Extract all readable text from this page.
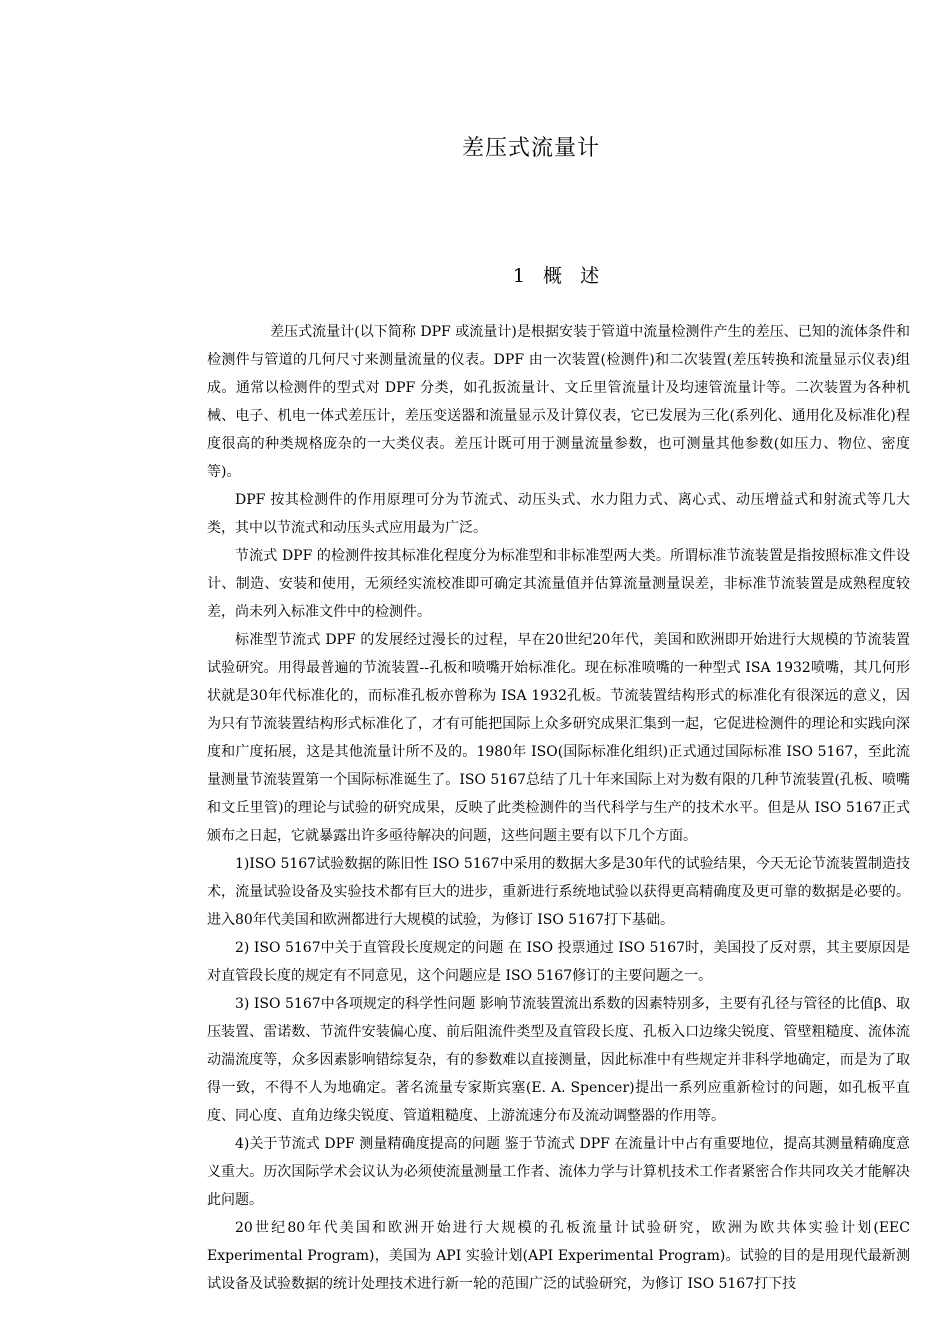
差压式流量计
1 概 述

差压式流量计(以下简称 DPF 或流量计)是根据安装于管道中流量检测件产生的差压、已知的流体条件和检测件与管道的几何尺寸来测量流量的仪表。DPF 由一次装置(检测件)和二次装置(差压转换和流量显示仪表)组成。通常以检测件的型式对 DPF 分类，如孔扳流量计、文丘里管流量计及均速管流量计等。二次装置为各种机械、电子、机电一体式差压计，差压变送器和流量显示及计算仪表，它已发展为三化(系列化、通用化及标准化)程度很高的种类规格庞杂的一大类仪表。差压计既可用于测量流量参数，也可测量其他参数(如压力、物位、密度等)。

DPF 按其检测件的作用原理可分为节流式、动压头式、水力阻力式、离心式、动压增益式和射流式等几大类，其中以节流式和动压头式应用最为广泛。

节流式 DPF 的检测件按其标准化程度分为标准型和非标准型两大类。所谓标准节流装置是指按照标准文件设计、制造、安装和使用，无须经实流校准即可确定其流量值并估算流量测量误差，非标准节流装置是成熟程度较差，尚未列入标准文件中的检测件。

标准型节流式 DPF 的发展经过漫长的过程，早在20世纪20年代，美国和欧洲即开始进行大规模的节流装置试验研究。用得最普遍的节流装置--孔板和喷嘴开始标准化。现在标准喷嘴的一种型式 ISA 1932喷嘴，其几何形状就是30年代标准化的，而标准孔板亦曾称为 ISA 1932孔板。节流装置结构形式的标准化有很深远的意义，因为只有节流装置结构形式标准化了，才有可能把国际上众多研究成果汇集到一起，它促进检测件的理论和实践向深度和广度拓展，这是其他流量计所不及的。1980年 ISO(国际标准化组织)正式通过国际标准 ISO 5167，至此流量测量节流装置第一个国际标准诞生了。ISO 5167总结了几十年来国际上对为数有限的几种节流装置(孔板、喷嘴和文丘里管)的理论与试验的研究成果，反映了此类检测件的当代科学与生产的技术水平。但是从 ISO 5167正式颁布之日起，它就暴露出许多亟待解决的问题，这些问题主要有以下几个方面。

1)ISO 5167试验数据的陈旧性 ISO 5167中采用的数据大多是30年代的试验结果，今天无论节流装置制造技术，流量试验设备及实验技术都有巨大的进步，重新进行系统地试验以获得更高精确度及更可靠的数据是必要的。进入80年代美国和欧洲都进行大规模的试验，为修订 ISO 5167打下基础。

2) ISO 5167中关于直管段长度规定的问题 在 ISO 投票通过 ISO 5167时，美国投了反对票，其主要原因是对直管段长度的规定有不同意见，这个问题应是 ISO 5167修订的主要问题之一。

3) ISO 5167中各项规定的科学性问题 影响节流装置流出系数的因素特别多，主要有孔径与管径的比值β、取压装置、雷诺数、节流件安装偏心度、前后阻流件类型及直管段长度、孔板入口边缘尖锐度、管壁粗糙度、流体流动湍流度等，众多因素影响错综复杂，有的参数难以直接测量，因此标准中有些规定并非科学地确定，而是为了取得一致，不得不人为地确定。著名流量专家斯宾塞(E. A. Spencer)提出一系列应重新检讨的问题，如孔板平直度、同心度、直角边缘尖锐度、管道粗糙度、上游流速分布及流动调整器的作用等。

4)关于节流式 DPF 测量精确度提高的问题 鉴于节流式 DPF 在流量计中占有重要地位，提高其测量精确度意义重大。历次国际学术会议认为必须使流量测量工作者、流体力学与计算机技术工作者紧密合作共同攻关才能解决此问题。

20世纪80年代美国和欧洲开始进行大规模的孔板流量计试验研究，欧洲为欧共体实验计划(EEC Experimental Program)，美国为 API 实验计划(API Experimental Program)。试验的目的是用现代最新测试设备及试验数据的统计处理技术进行新一轮的范围广泛的试验研究，为修订 ISO 5167打下技
